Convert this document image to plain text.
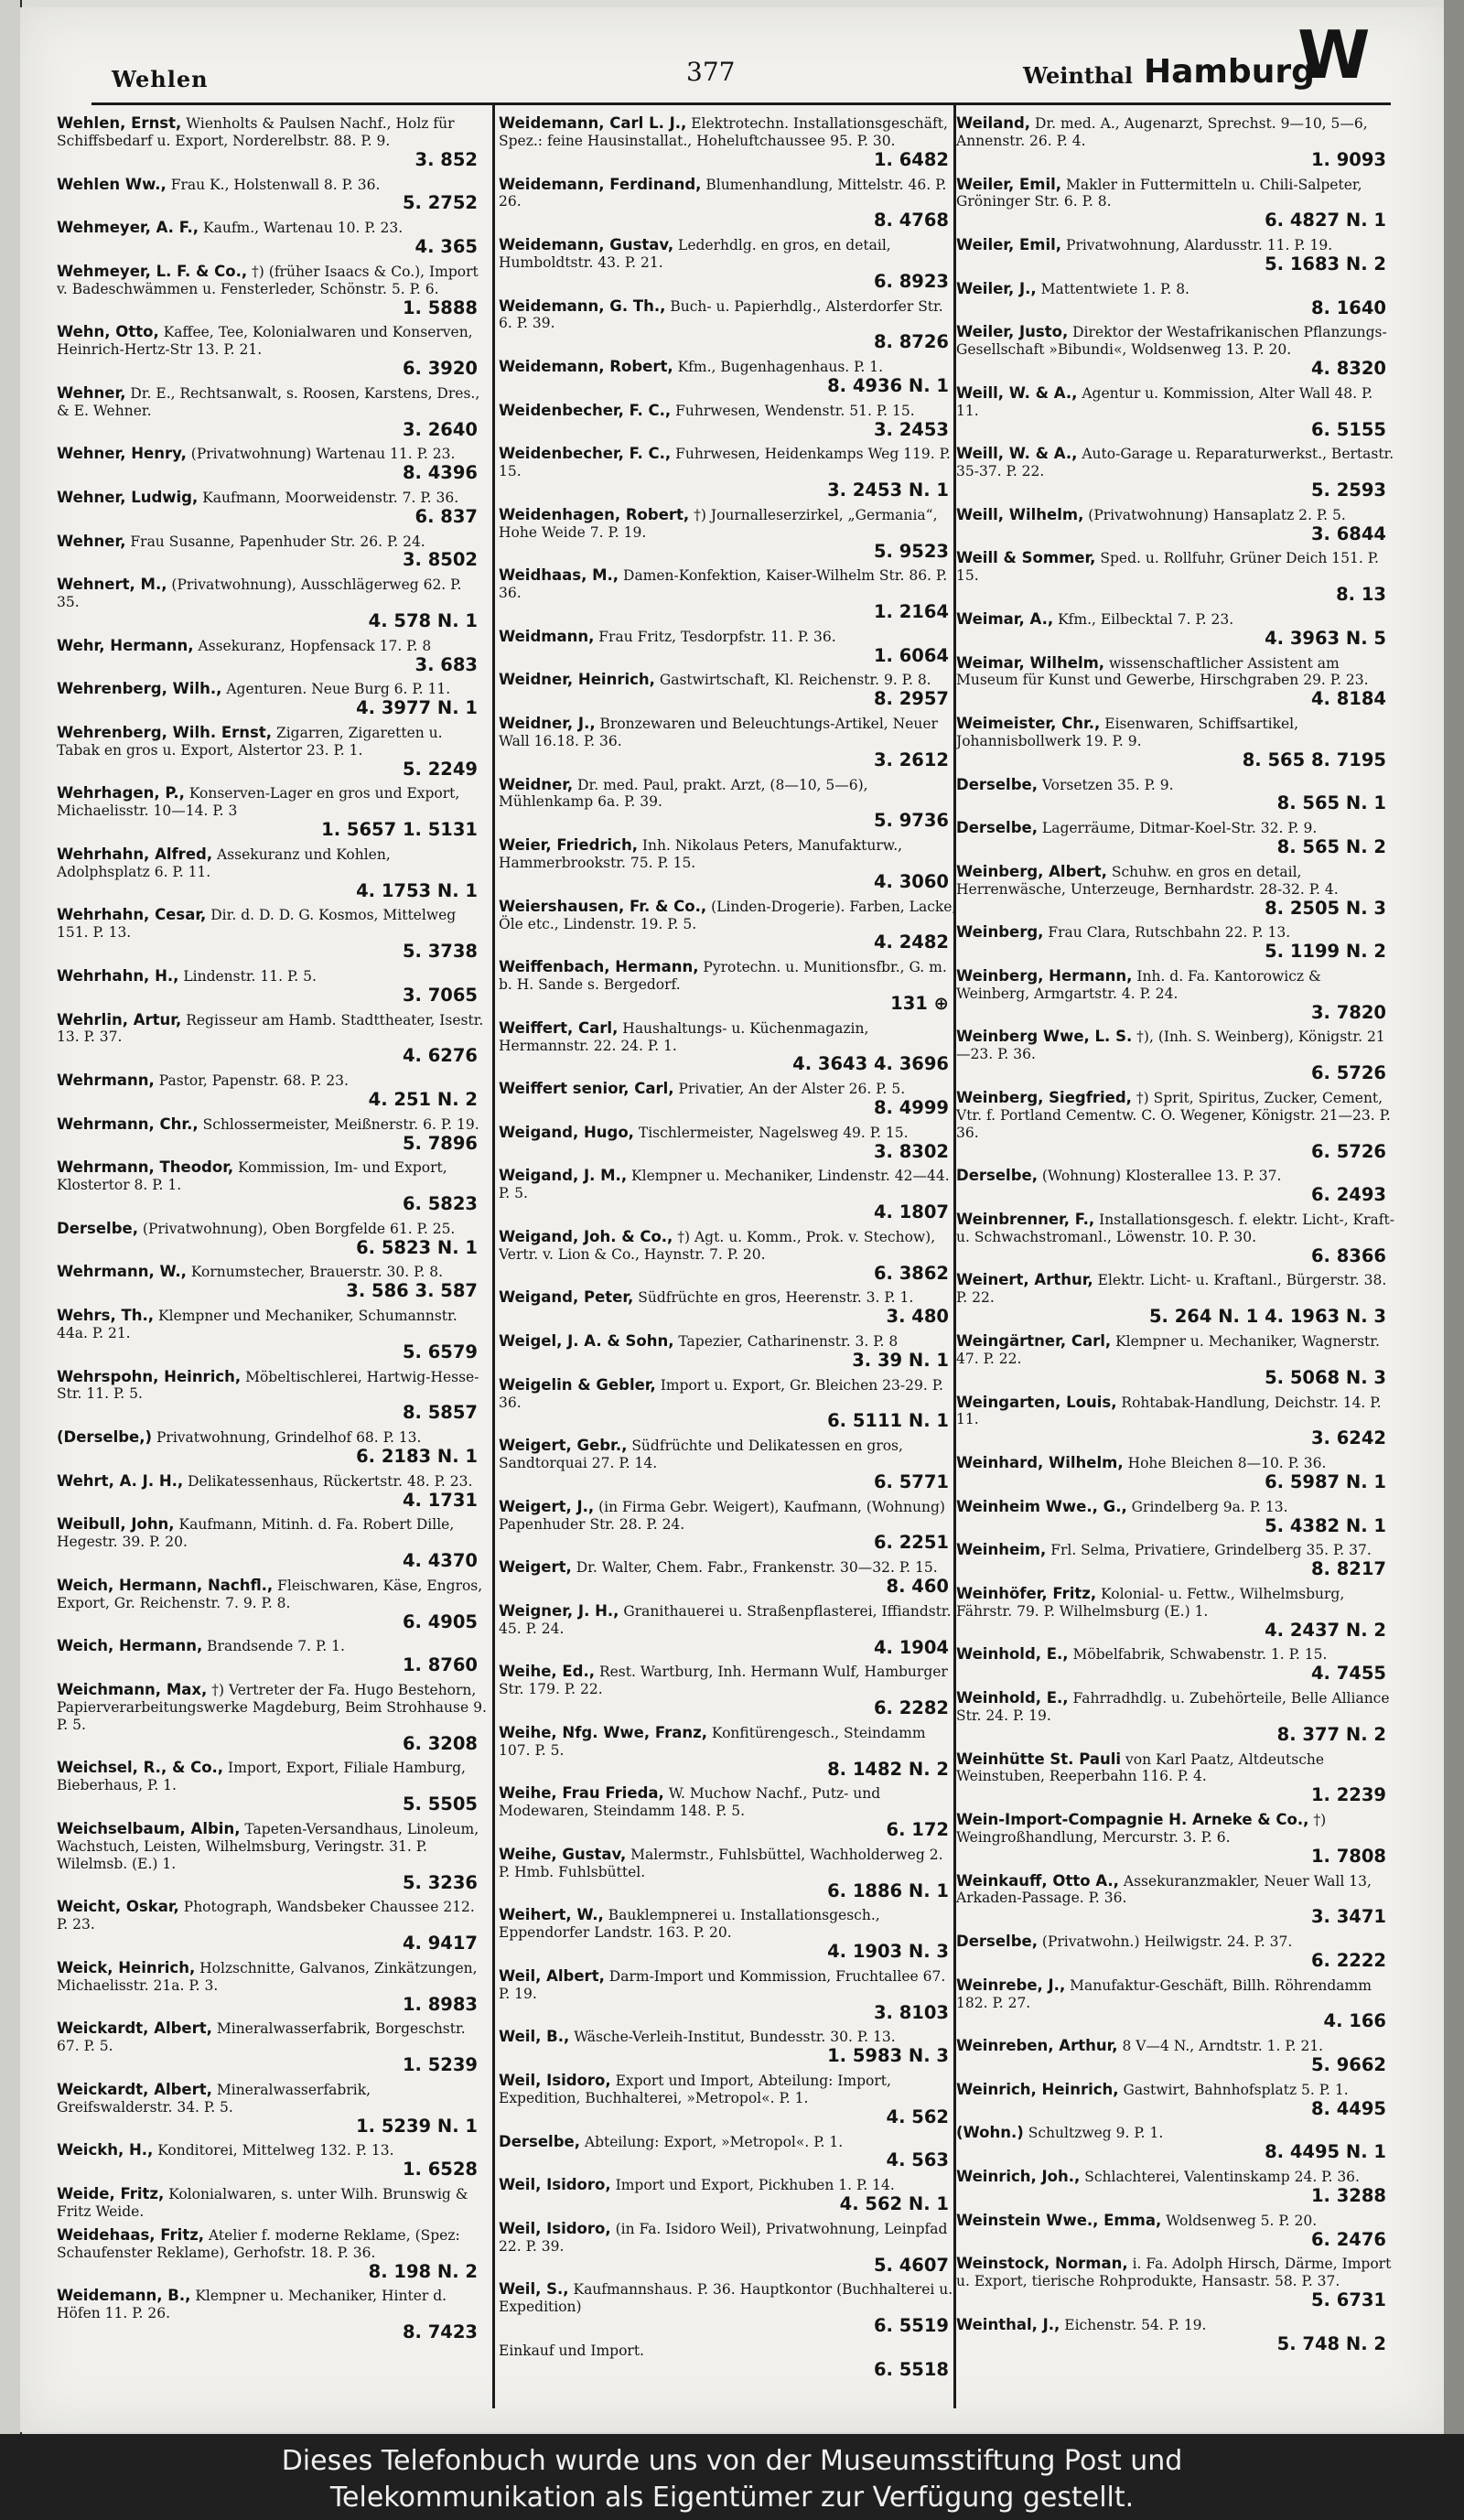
Wehlen	377	Weinthal Hamburg
W
Wehlen, Ernst, Wienholts & Paulsen Nachf., Holz für Schiffsbedarf u. Export, Norderelbstr. 88. P. 9.
3. 852
Wehlen Ww., Frau K., Holstenwall 8. P. 36.
5. 2752
Wehmeyer, A. F., Kaufm., Wartenau 10. P. 23.
4. 365
Wehmeyer, L. F. & Co., †) (früher Isaacs & Co.), Import v. Badeschwämmen u. Fensterleder, Schönstr. 5. P. 6.
1. 5888
Wehn, Otto, Kaffee, Tee, Kolonialwaren und Konserven, Heinrich-Hertz-Str 13. P. 21.
6. 3920
Wehner, Dr. E., Rechtsanwalt, s. Roosen, Karstens, Dres., & E. Wehner.
3. 2640
Wehner, Henry, (Privatwohnung) Wartenau 11. P. 23.
8. 4396
Wehner, Ludwig, Kaufmann, Moorweidenstr. 7. P. 36.
6. 837
Wehner, Frau Susanne, Papenhuder Str. 26. P. 24.
3. 8502
Wehnert, M., (Privatwohnung), Ausschlägerweg 62. P. 35.
4. 578 N. 1
Wehr, Hermann, Assekuranz, Hopfensack 17. P. 8
3. 683
Wehrenberg, Wilh., Agenturen. Neue Burg 6. P. 11.
4. 3977 N. 1
Wehrenberg, Wilh. Ernst, Zigarren, Zigaretten u. Tabak en gros u. Export, Alstertor 23. P. 1.
5. 2249
Wehrhagen, P., Konserven-Lager en gros und Export, Michaelisstr. 10—14. P. 3
1. 5657 1. 5131
Wehrhahn, Alfred, Assekuranz und Kohlen, Adolphsplatz 6. P. 11.
4. 1753 N. 1
Wehrhahn, Cesar, Dir. d. D. D. G. Kosmos, Mittelweg 151. P. 13.
5. 3738
Wehrhahn, H., Lindenstr. 11. P. 5.
3. 7065
Wehrlin, Artur, Regisseur am Hamb. Stadttheater, Isestr. 13. P. 37.
4. 6276
Wehrmann, Pastor, Papenstr. 68. P. 23.
4. 251 N. 2
Wehrmann, Chr., Schlossermeister, Meißnerstr. 6. P. 19.
5. 7896
Wehrmann, Theodor, Kommission, Im- und Export, Klostertor 8. P. 1.
6. 5823
Derselbe, (Privatwohnung), Oben Borgfelde 61. P. 25.
6. 5823 N. 1
Wehrmann, W., Kornumstecher, Brauerstr. 30. P. 8.
3. 586 3. 587
Wehrs, Th., Klempner und Mechaniker, Schumannstr. 44a. P. 21.
5. 6579
Wehrspohn, Heinrich, Möbeltischlerei, Hartwig-Hesse-Str. 11. P. 5.
8. 5857
(Derselbe,) Privatwohnung, Grindelhof 68. P. 13.
6. 2183 N. 1
Wehrt, A. J. H., Delikatessenhaus, Rückertstr. 48. P. 23.
4. 1731
Weibull, John, Kaufmann, Mitinh. d. Fa. Robert Dille, Hegestr. 39. P. 20.
4. 4370
Weich, Hermann, Nachfl., Fleischwaren, Käse, Engros, Export, Gr. Reichenstr. 7. 9. P. 8.
6. 4905
Weich, Hermann, Brandsende 7. P. 1.
1. 8760
Weichmann, Max, †) Vertreter der Fa. Hugo Bestehorn, Papierverarbeitungswerke Magdeburg, Beim Strohhause 9. P. 5.
6. 3208
Weichsel, R., & Co., Import, Export, Filiale Hamburg, Bieberhaus, P. 1.
5. 5505
Weichselbaum, Albin, Tapeten-Versandhaus, Linoleum, Wachstuch, Leisten, Wilhelmsburg, Veringstr. 31. P. Wilelmsb. (E.) 1.
5. 3236
Weicht, Oskar, Photograph, Wandsbeker Chaussee 212. P. 23.
4. 9417
Weick, Heinrich, Holzschnitte, Galvanos, Zinkätzungen, Michaelisstr. 21a. P. 3.
1. 8983
Weickardt, Albert, Mineralwasserfabrik, Borgeschstr. 67. P. 5.
1. 5239
Weickardt, Albert, Mineralwasserfabrik, Greifswalderstr. 34. P. 5.
1. 5239 N. 1
Weickh, H., Konditorei, Mittelweg 132. P. 13.
1. 6528
Weide, Fritz, Kolonialwaren, s. unter Wilh. Brunswig & Fritz Weide.
Weidehaas, Fritz, Atelier f. moderne Reklame, (Spez: Schaufenster Reklame), Gerhofstr. 18. P. 36.
8. 198 N. 2
Weidemann, B., Klempner u. Mechaniker, Hinter d. Höfen 11. P. 26.
8. 7423
Weidemann, Carl L. J., Elektrotechn. Installationsgeschäft, Spez.: feine Hausinstallat., Hoheluftchaussee 95. P. 30.
1. 6482
Weidemann, Ferdinand, Blumenhandlung, Mittelstr. 46. P. 26.
8. 4768
Weidemann, Gustav, Lederhdlg. en gros, en detail, Humboldtstr. 43. P. 21.
6. 8923
Weidemann, G. Th., Buch- u. Papierhdlg., Alsterdorfer Str. 6. P. 39.
8. 8726
Weidemann, Robert, Kfm., Bugenhagenhaus. P. 1.
8. 4936 N. 1
Weidenbecher, F. C., Fuhrwesen, Wendenstr. 51. P. 15.
3. 2453
Weidenbecher, F. C., Fuhrwesen, Heidenkamps Weg 119. P. 15.
3. 2453 N. 1
Weidenhagen, Robert, †) Journalleserzirkel, „Germania“, Hohe Weide 7. P. 19.
5. 9523
Weidhaas, M., Damen-Konfektion, Kaiser-Wilhelm Str. 86. P. 36.
1. 2164
Weidmann, Frau Fritz, Tesdorpfstr. 11. P. 36.
1. 6064
Weidner, Heinrich, Gastwirtschaft, Kl. Reichenstr. 9. P. 8.
8. 2957
Weidner, J., Bronzewaren und Beleuchtungs-Artikel, Neuer Wall 16.18. P. 36.
3. 2612
Weidner, Dr. med. Paul, prakt. Arzt, (8—10, 5—6), Mühlenkamp 6a. P. 39.
5. 9736
Weier, Friedrich, Inh. Nikolaus Peters, Manufakturw., Hammerbrookstr. 75. P. 15.
4. 3060
Weiershausen, Fr. & Co., (Linden-Drogerie). Farben, Lacke, Öle etc., Lindenstr. 19. P. 5.
4. 2482
Weiffenbach, Hermann, Pyrotechn. u. Munitionsfbr., G. m. b. H. Sande s. Bergedorf.
131 ⊕
Weiffert, Carl, Haushaltungs- u. Küchenmagazin, Hermannstr. 22. 24. P. 1.
4. 3643 4. 3696
Weiffert senior, Carl, Privatier, An der Alster 26. P. 5.
8. 4999
Weigand, Hugo, Tischlermeister, Nagelsweg 49. P. 15.
3. 8302
Weigand, J. M., Klempner u. Mechaniker, Lindenstr. 42—44. P. 5.
4. 1807
Weigand, Joh. & Co., †) Agt. u. Komm., Prok. v. Stechow), Vertr. v. Lion & Co., Haynstr. 7. P. 20.
6. 3862
Weigand, Peter, Südfrüchte en gros, Heerenstr. 3. P. 1.
3. 480
Weigel, J. A. & Sohn, Tapezier, Catharinenstr. 3. P. 8
3. 39 N. 1
Weigelin & Gebler, Import u. Export, Gr. Bleichen 23-29. P. 36.
6. 5111 N. 1
Weigert, Gebr., Südfrüchte und Delikatessen en gros, Sandtorquai 27. P. 14.
6. 5771
Weigert, J., (in Firma Gebr. Weigert), Kaufmann, (Wohnung) Papenhuder Str. 28. P. 24.
6. 2251
Weigert, Dr. Walter, Chem. Fabr., Frankenstr. 30—32. P. 15.
8. 460
Weigner, J. H., Granithauerei u. Straßenpflasterei, Iffiandstr. 45. P. 24.
4. 1904
Weihe, Ed., Rest. Wartburg, Inh. Hermann Wulf, Hamburger Str. 179. P. 22.
6. 2282
Weihe, Nfg. Wwe, Franz, Konfitürengesch., Steindamm 107. P. 5.
8. 1482 N. 2
Weihe, Frau Frieda, W. Muchow Nachf., Putz- und Modewaren, Steindamm 148. P. 5.
6. 172
Weihe, Gustav, Malermstr., Fuhlsbüttel, Wachholderweg 2. P. Hmb. Fuhlsbüttel.
6. 1886 N. 1
Weihert, W., Bauklempnerei u. Installationsgesch., Eppendorfer Landstr. 163. P. 20.
4. 1903 N. 3
Weil, Albert, Darm-Import und Kommission, Fruchtallee 67. P. 19.
3. 8103
Weil, B., Wäsche-Verleih-Institut, Bundesstr. 30. P. 13.
1. 5983 N. 3
Weil, Isidoro, Export und Import, Abteilung: Import, Expedition, Buchhalterei, »Metropol«. P. 1.
4. 562
Derselbe, Abteilung: Export, »Metropol«. P. 1.
4. 563
Weil, Isidoro, Import und Export, Pickhuben 1. P. 14.
4. 562 N. 1
Weil, Isidoro, (in Fa. Isidoro Weil), Privatwohnung, Leinpfad 22. P. 39.
5. 4607
Weil, S., Kaufmannshaus. P. 36. Hauptkontor (Buchhalterei u. Expedition)
6. 5519
Einkauf und Import.
6. 5518
Weiland, Dr. med. A., Augenarzt, Sprechst. 9—10, 5—6, Annenstr. 26. P. 4.
1. 9093
Weiler, Emil, Makler in Futtermitteln u. Chili-Salpeter, Gröninger Str. 6. P. 8.
6. 4827 N. 1
Weiler, Emil, Privatwohnung, Alardusstr. 11. P. 19.
5. 1683 N. 2
Weiler, J., Mattentwiete 1. P. 8.
8. 1640
Weiler, Justo, Direktor der Westafrikanischen Pflanzungs-Gesellschaft »Bibundi«, Woldsenweg 13. P. 20.
4. 8320
Weill, W. & A., Agentur u. Kommission, Alter Wall 48. P. 11.
6. 5155
Weill, W. & A., Auto-Garage u. Reparaturwerkst., Bertastr. 35-37. P. 22.
5. 2593
Weill, Wilhelm, (Privatwohnung) Hansaplatz 2. P. 5.
3. 6844
Weill & Sommer, Sped. u. Rollfuhr, Grüner Deich 151. P. 15.
8. 13
Weimar, A., Kfm., Eilbecktal 7. P. 23.
4. 3963 N. 5
Weimar, Wilhelm, wissenschaftlicher Assistent am Museum für Kunst und Gewerbe, Hirschgraben 29. P. 23.
4. 8184
Weimeister, Chr., Eisenwaren, Schiffsartikel, Johannisbollwerk 19. P. 9.
8. 565 8. 7195
Derselbe, Vorsetzen 35. P. 9.
8. 565 N. 1
Derselbe, Lagerräume, Ditmar-Koel-Str. 32. P. 9.
8. 565 N. 2
Weinberg, Albert, Schuhw. en gros en detail, Herrenwäsche, Unterzeuge, Bernhardstr. 28-32. P. 4.
8. 2505 N. 3
Weinberg, Frau Clara, Rutschbahn 22. P. 13.
5. 1199 N. 2
Weinberg, Hermann, Inh. d. Fa. Kantorowicz & Weinberg, Armgartstr. 4. P. 24.
3. 7820
Weinberg Wwe, L. S. †), (Inh. S. Weinberg), Königstr. 21—23. P. 36.
6. 5726
Weinberg, Siegfried, †) Sprit, Spiritus, Zucker, Cement, Vtr. f. Portland Cementw. C. O. Wegener, Königstr. 21—23. P. 36.
6. 5726
Derselbe, (Wohnung) Klosterallee 13. P. 37.
6. 2493
Weinbrenner, F., Installationsgesch. f. elektr. Licht-, Kraft- u. Schwachstromanl., Löwenstr. 10. P. 30.
6. 8366
Weinert, Arthur, Elektr. Licht- u. Kraftanl., Bürgerstr. 38. P. 22.
5. 264 N. 1 4. 1963 N. 3
Weingärtner, Carl, Klempner u. Mechaniker, Wagnerstr. 47. P. 22.
5. 5068 N. 3
Weingarten, Louis, Rohtabak-Handlung, Deichstr. 14. P. 11.
3. 6242
Weinhard, Wilhelm, Hohe Bleichen 8—10. P. 36.
6. 5987 N. 1
Weinheim Wwe., G., Grindelberg 9a. P. 13.
5. 4382 N. 1
Weinheim, Frl. Selma, Privatiere, Grindelberg 35. P. 37.
8. 8217
Weinhöfer, Fritz, Kolonial- u. Fettw., Wilhelmsburg, Fährstr. 79. P. Wilhelmsburg (E.) 1.
4. 2437 N. 2
Weinhold, E., Möbelfabrik, Schwabenstr. 1. P. 15.
4. 7455
Weinhold, E., Fahrradhdlg. u. Zubehörteile, Belle Alliance Str. 24. P. 19.
8. 377 N. 2
Weinhütte St. Pauli von Karl Paatz, Altdeutsche Weinstuben, Reeperbahn 116. P. 4.
1. 2239
Wein-Import-Compagnie H. Arneke & Co., †) Weingroßhandlung, Mercurstr. 3. P. 6.
1. 7808
Weinkauff, Otto A., Assekuranzmakler, Neuer Wall 13, Arkaden-Passage. P. 36.
3. 3471
Derselbe, (Privatwohn.) Heilwigstr. 24. P. 37.
6. 2222
Weinrebe, J., Manufaktur-Geschäft, Billh. Röhrendamm 182. P. 27.
4. 166
Weinreben, Arthur, 8 V—4 N., Arndtstr. 1. P. 21.
5. 9662
Weinrich, Heinrich, Gastwirt, Bahnhofsplatz 5. P. 1.
8. 4495
(Wohn.) Schultzweg 9. P. 1.
8. 4495 N. 1
Weinrich, Joh., Schlachterei, Valentinskamp 24. P. 36.
1. 3288
Weinstein Wwe., Emma, Woldsenweg 5. P. 20.
6. 2476
Weinstock, Norman, i. Fa. Adolph Hirsch, Därme, Import u. Export, tierische Rohprodukte, Hansastr. 58. P. 37.
5. 6731
Weinthal, J., Eichenstr. 54. P. 19.
5. 748 N. 2
Dieses Telefonbuch wurde uns von der Museumsstiftung Post und
Telekommunikation als Eigentümer zur Verfügung gestellt.
